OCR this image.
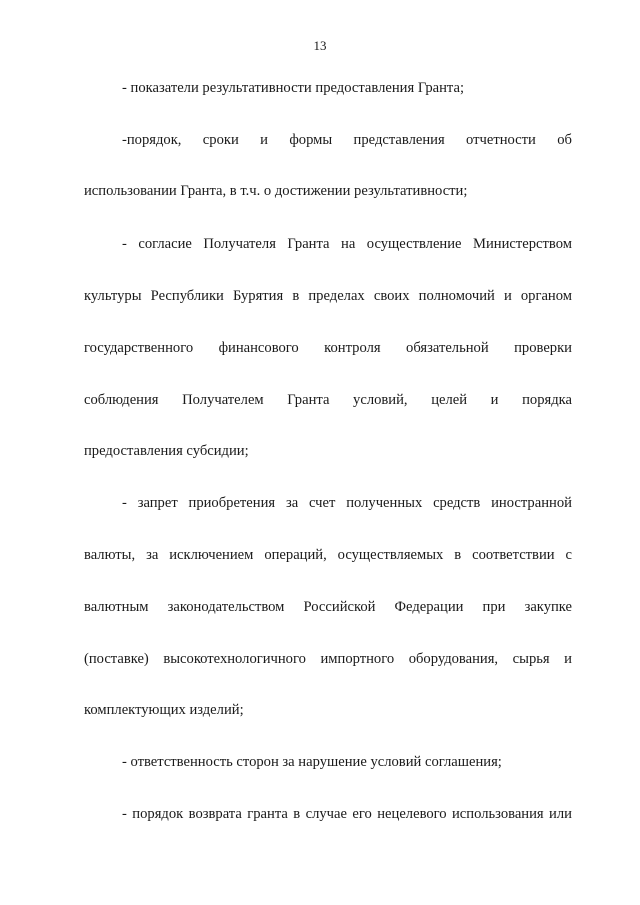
13
- показатели результативности предоставления Гранта;
-порядок, сроки и формы представления отчетности об
использовании Гранта, в т.ч. о достижении результативности;
- согласие Получателя Гранта на осуществление Министерством
культуры Республики Бурятия в пределах своих полномочий и органом
государственного финансового контроля обязательной проверки
соблюдения Получателем Гранта условий, целей и порядка
предоставления субсидии;
- запрет приобретения за счет полученных средств иностранной
валюты, за исключением операций, осуществляемых в соответствии с
валютным законодательством Российской Федерации при закупке
(поставке) высокотехнологичного импортного оборудования, сырья и
комплектующих изделий;
- ответственность сторон за нарушение условий соглашения;
- порядок возврата гранта в случае его нецелевого использования или
